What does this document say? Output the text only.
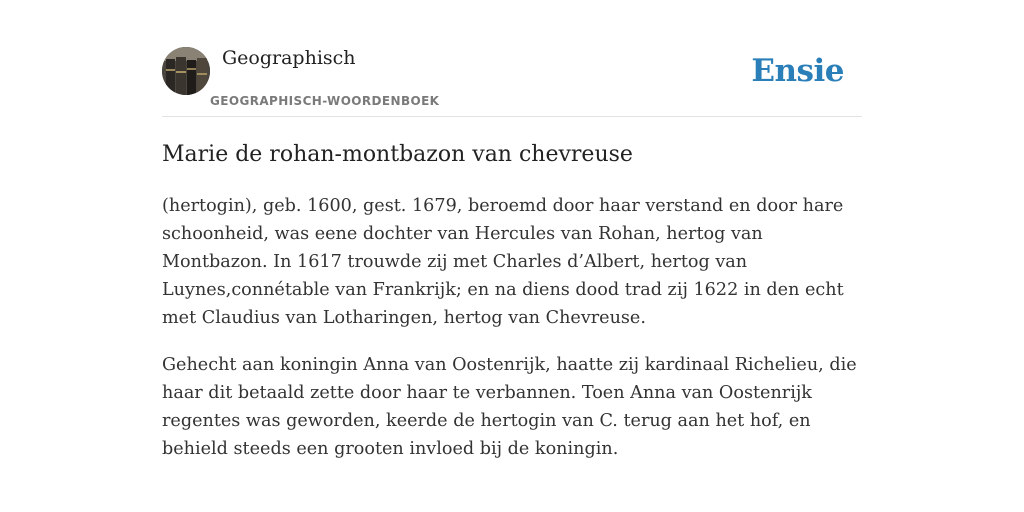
Geographisch
GEOGRAPHISCH-WOORDENBOEK
Ensie
Marie de rohan-montbazon van chevreuse

(hertogin), geb. 1600, gest. 1679, beroemd door haar verstand en door hare schoonheid, was eene dochter van Hercules van Rohan, hertog van Montbazon. In 1617 trouwde zij met Charles d’Albert, hertog van Luynes,connétable van Frankrijk; en na diens dood trad zij 1622 in den echt met Claudius van Lotharingen, hertog van Chevreuse.

Gehecht aan koningin Anna van Oostenrijk, haatte zij kardinaal Richelieu, die haar dit betaald zette door haar te verbannen. Toen Anna van Oostenrijk regentes was geworden, keerde de hertogin van C. terug aan het hof, en behield steeds een grooten invloed bij de koningin.
